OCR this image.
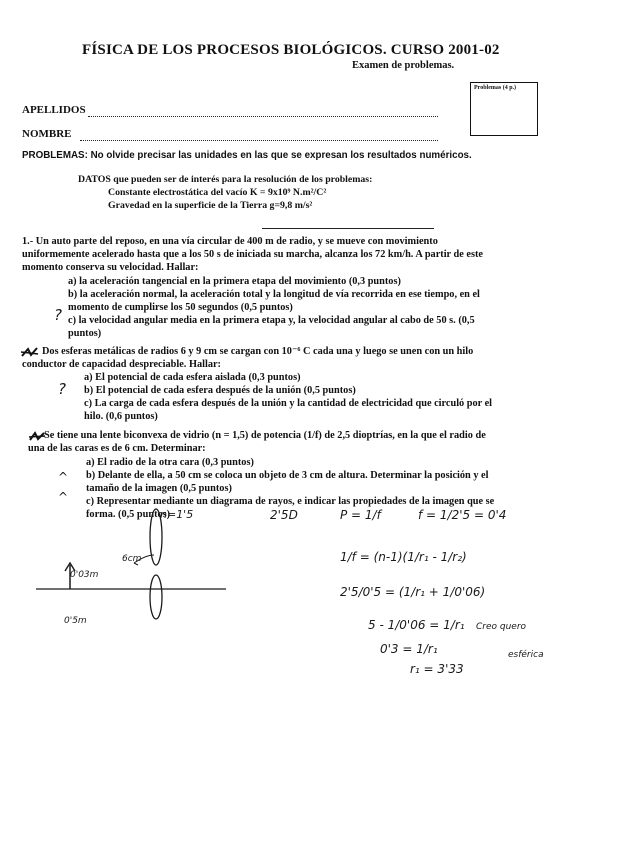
FÍSICA DE LOS PROCESOS BIOLÓGICOS. CURSO 2001-02
Examen de problemas.
Problemas (4 p.)
APELLIDOS
NOMBRE
PROBLEMAS: No olvide precisar las unidades en las que se expresan los resultados numéricos.
DATOS que pueden ser de interés para la resolución de los problemas:
Constante electrostática del vacío K = 9x10⁹ N.m²/C²
Gravedad en la superficie de la Tierra g=9,8 m/s²
1.- Un auto parte del reposo, en una vía circular de 400 m de radio, y se mueve con movimiento
uniformemente acelerado hasta que a los 50 s de iniciada su marcha, alcanza los 72 km/h. A partir de este
momento conserva su velocidad. Hallar:
a) la aceleración tangencial en la primera etapa del movimiento (0,3 puntos)
b) la aceleración normal, la aceleración total y la longitud de vía recorrida en ese tiempo, en el
momento de cumplirse los 50 segundos (0,5 puntos)
c) la velocidad angular media en la primera etapa y, la velocidad angular al cabo de 50 s. (0,5
puntos)
Dos esferas metálicas de radios 6 y 9 cm se cargan con 10⁻⁶ C cada una y luego se unen con un hilo
conductor de capacidad despreciable. Hallar:
a) El potencial de cada esfera aislada (0,3 puntos)
b) El potencial de cada esfera después de la unión (0,5 puntos)
c) La carga de cada esfera después de la unión y la cantidad de electricidad que circuló por el
hilo. (0,6 puntos)
Se tiene una lente biconvexa de vidrio (n = 1,5) de potencia (1/f) de 2,5 dioptrías, en la que el radio de
una de las caras es de 6 cm. Determinar:
a) El radio de la otra cara (0,3 puntos)
b) Delante de ella, a 50 cm se coloca un objeto de 3 cm de altura. Determinar la posición y el
tamaño de la imagen (0,5 puntos)
c) Representar mediante un diagrama de rayos, e indicar las propiedades de la imagen que se
forma. (0,5 puntos)
?
?
^
^
n=1'5
6cm
0'03m
0'5m
2'5D	P = 1/f	f = 1/2'5 = 0'4
1/f = (n-1)(1/r₁ - 1/r₂)
2'5/0'5 = (1/r₁ + 1/0'06)
5 - 1/0'06 = 1/r₁ Creo quero
0'3 = 1/r₁	esférica
r₁ = 3'33
